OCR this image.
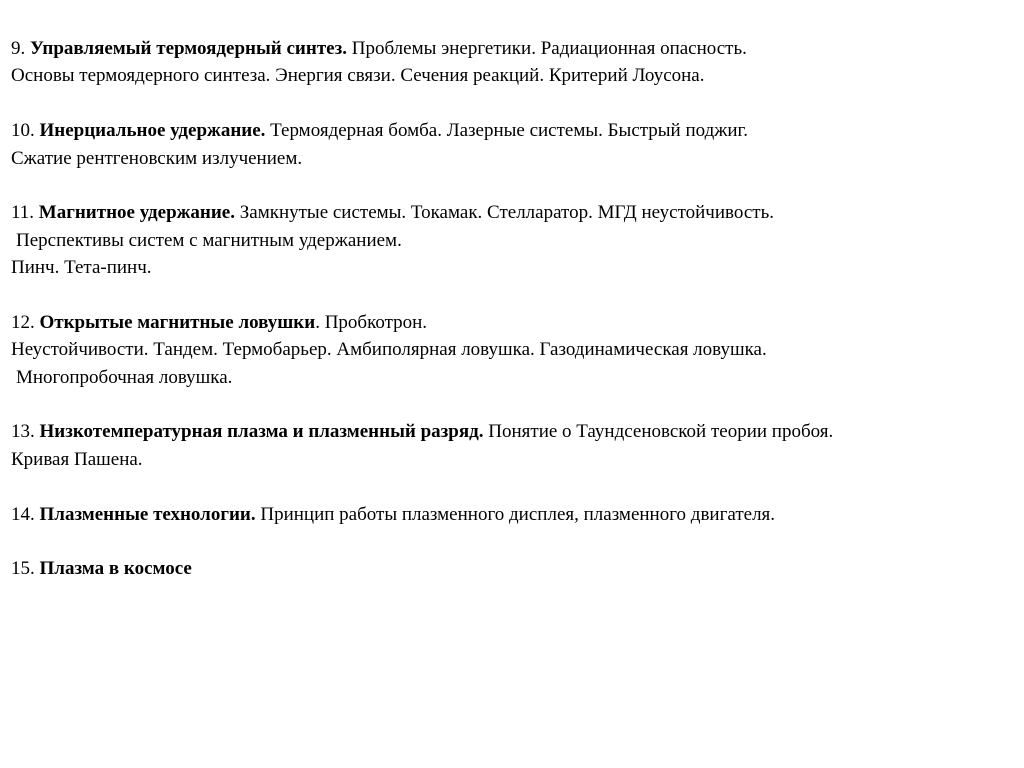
9. Управляемый термоядерный синтез. Проблемы энергетики. Радиационная опасность.
Основы термоядерного синтеза. Энергия связи. Сечения реакций. Критерий Лоусона.
10. Инерциальное удержание. Термоядерная бомба. Лазерные системы. Быстрый поджиг.
Сжатие рентгеновским излучением.
11. Магнитное удержание. Замкнутые системы. Токамак. Стелларатор. МГД неустойчивость.
Перспективы систем с магнитным удержанием.
Пинч. Тета-пинч.
12. Открытые магнитные ловушки. Пробкотрон.
Неустойчивости. Тандем. Термобарьер. Амбиполярная ловушка. Газодинамическая ловушка.
Многопробочная ловушка.
13. Низкотемпературная плазма и плазменный разряд. Понятие о Таундсеновской теории пробоя.
Кривая Пашена.
14. Плазменные технологии. Принцип работы плазменного дисплея, плазменного двигателя.
15. Плазма в космосе
